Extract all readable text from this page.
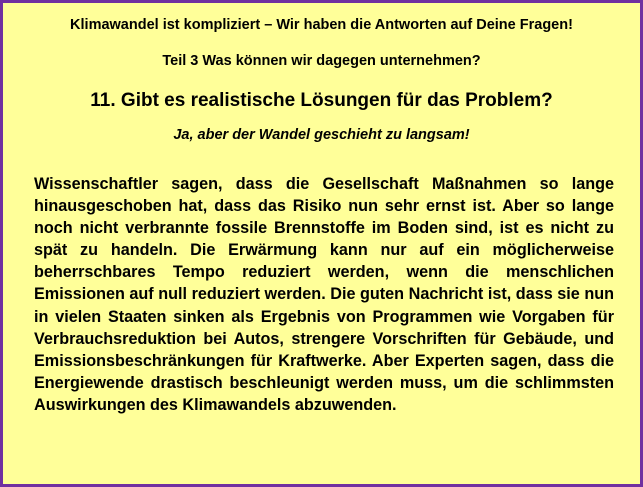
Klimawandel ist kompliziert – Wir haben die Antworten auf Deine Fragen!
Teil 3 Was können wir dagegen unternehmen?
11. Gibt es realistische Lösungen für das Problem?
Ja, aber der Wandel geschieht zu langsam!

Wissenschaftler sagen, dass die Gesellschaft Maßnahmen so lange hinausgeschoben hat, dass das Risiko nun sehr ernst ist. Aber so lange noch nicht verbrannte fossile Brennstoffe im Boden sind, ist es nicht zu spät zu handeln. Die Erwärmung kann nur auf ein möglicherweise beherrschbares Tempo reduziert werden, wenn die menschlichen Emissionen auf null reduziert werden. Die guten Nachricht ist, dass sie nun in vielen Staaten sinken als Ergebnis von Programmen wie Vorgaben für Verbrauchsreduktion bei Autos, strengere Vorschriften für Gebäude, und Emissionsbeschränkungen für Kraftwerke. Aber Experten sagen, dass die Energiewende drastisch beschleunigt werden muss, um die schlimmsten Auswirkungen des Klimawandels abzuwenden.
